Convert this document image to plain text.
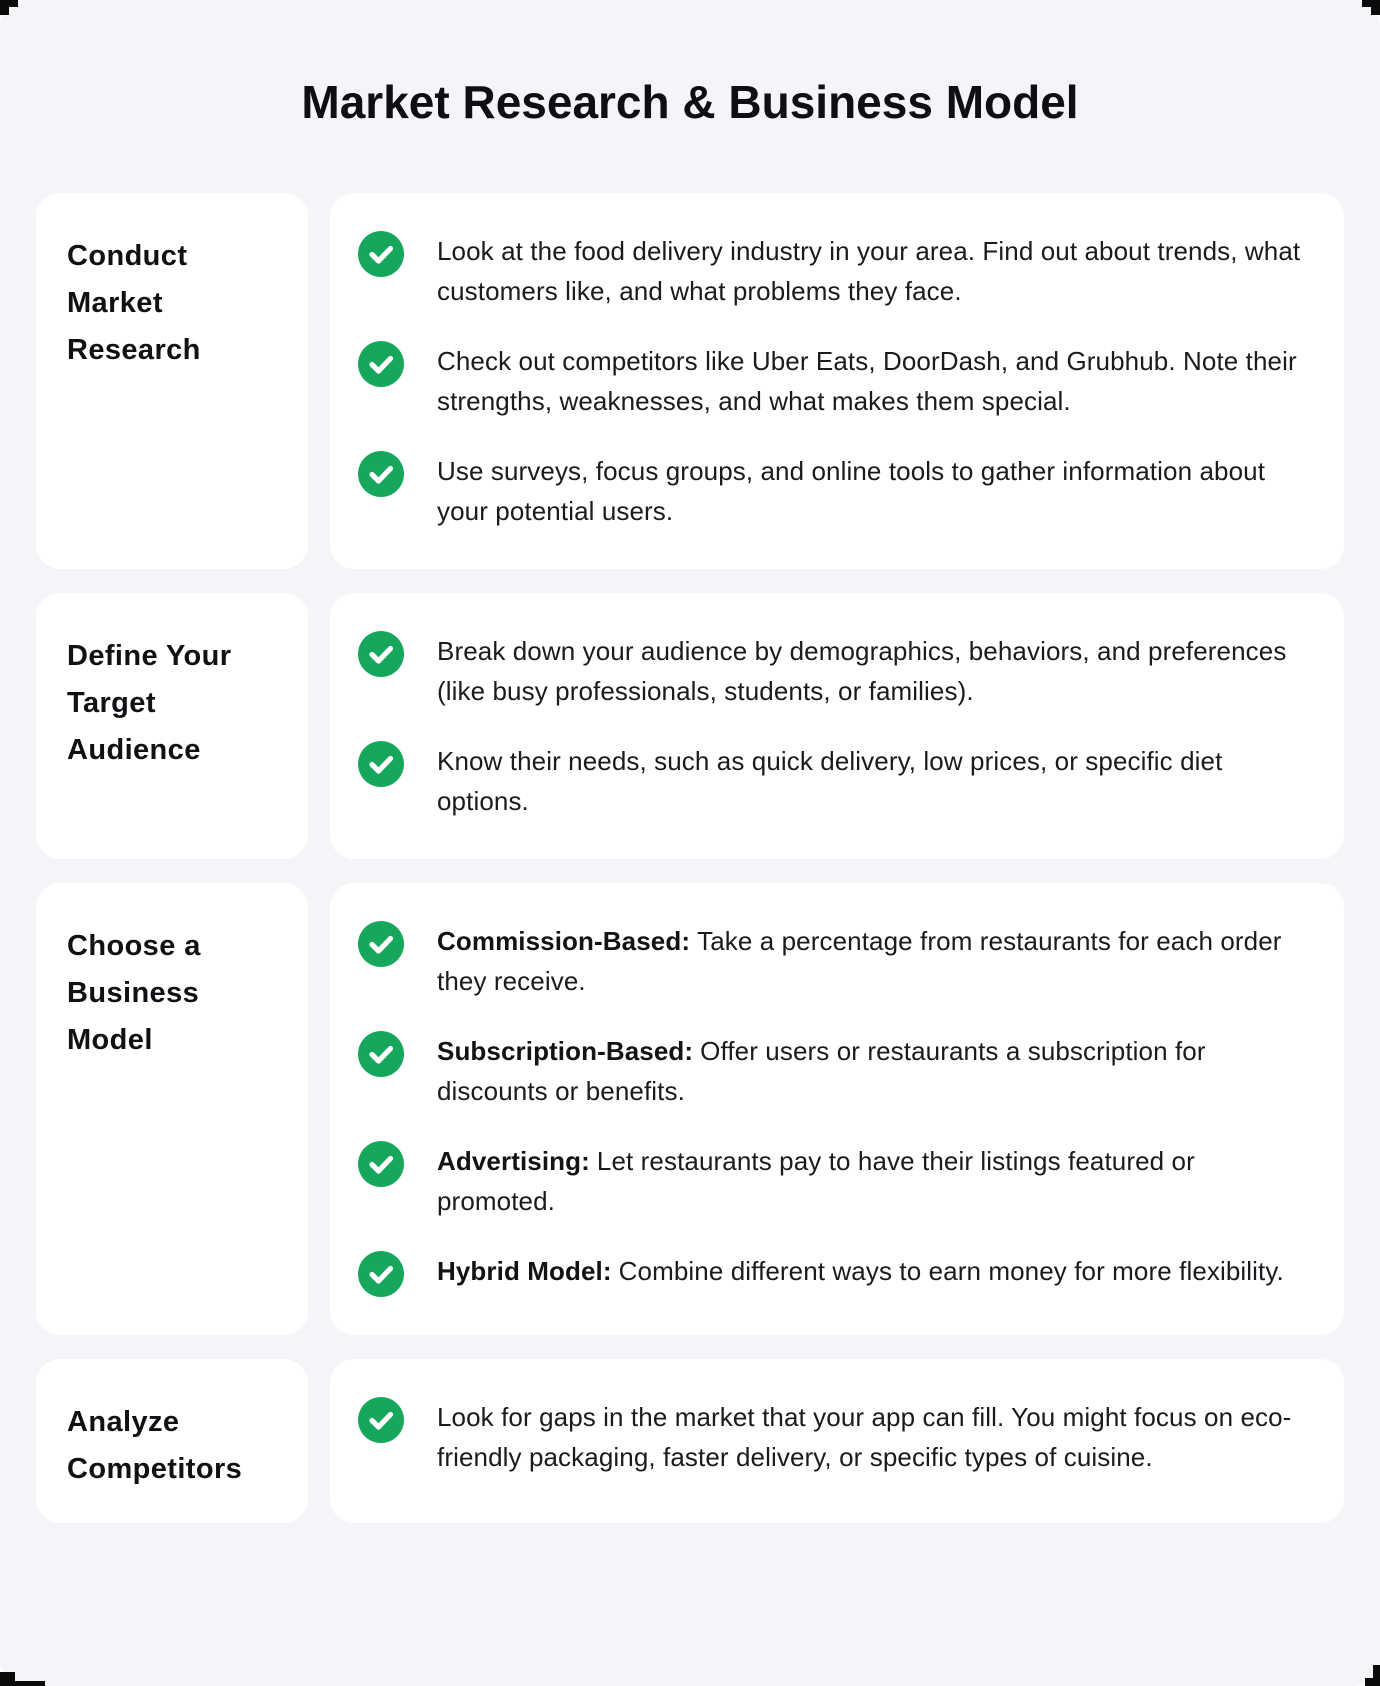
Market Research & Business Model
Conduct Market Research

Look at the food delivery industry in your area. Find out about trends, what customers like, and what problems they face.

Check out competitors like Uber Eats, DoorDash, and Grubhub. Note their strengths, weaknesses, and what makes them special.

Use surveys, focus groups, and online tools to gather information about your potential users.

Define Your Target Audience

Break down your audience by demographics, behaviors, and preferences (like busy professionals, students, or families).

Know their needs, such as quick delivery, low prices, or specific diet options.

Choose a Business Model

Commission-Based: Take a percentage from restaurants for each order they receive.

Subscription-Based: Offer users or restaurants a subscription for discounts or benefits.

Advertising: Let restaurants pay to have their listings featured or promoted.

Hybrid Model: Combine different ways to earn money for more flexibility.

Analyze Competitors

Look for gaps in the market that your app can fill. You might focus on eco-friendly packaging, faster delivery, or specific types of cuisine.
